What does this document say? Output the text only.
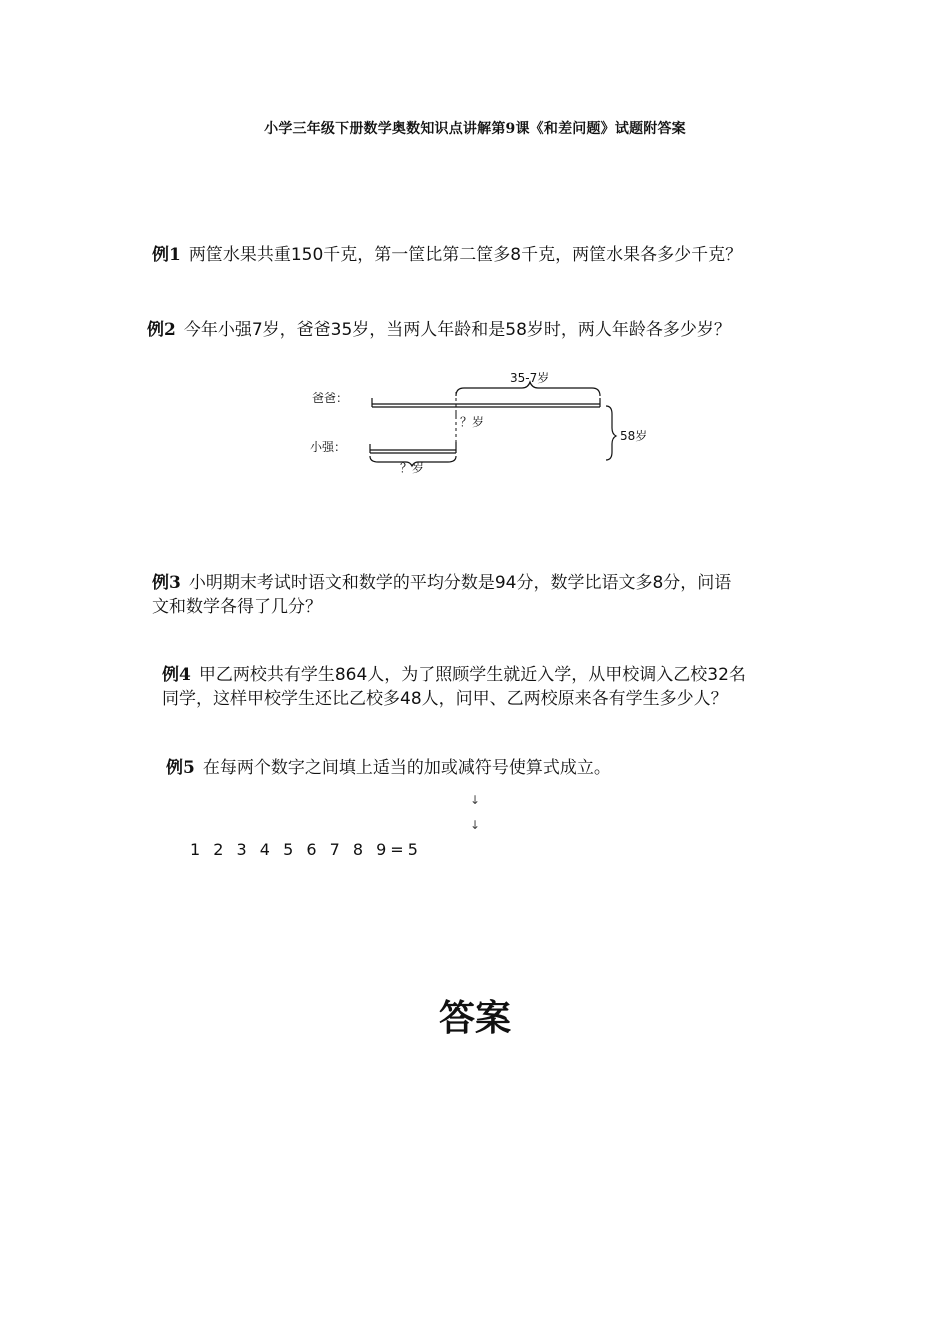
小学三年级下册数学奥数知识点讲解第9课《和差问题》试题附答案
例1 两筐水果共重150千克，第一筐比第二筐多8千克，两筐水果各多少千克？
例2 今年小强7岁，爸爸35岁，当两人年龄和是58岁时，两人年龄各多少岁？
爸爸：
小强：
35-7岁
？岁
？岁
58岁
例3 小明期末考试时语文和数学的平均分数是94分，数学比语文多8分，问语
文和数学各得了几分？
例4 甲乙两校共有学生864人，为了照顾学生就近入学，从甲校调入乙校32名
同学，这样甲校学生还比乙校多48人，问甲、乙两校原来各有学生多少人？
例5 在每两个数字之间填上适当的加或减符号使算式成立。
↓
↓
1 2 3 4 5 6 7 8 9=5
答案
